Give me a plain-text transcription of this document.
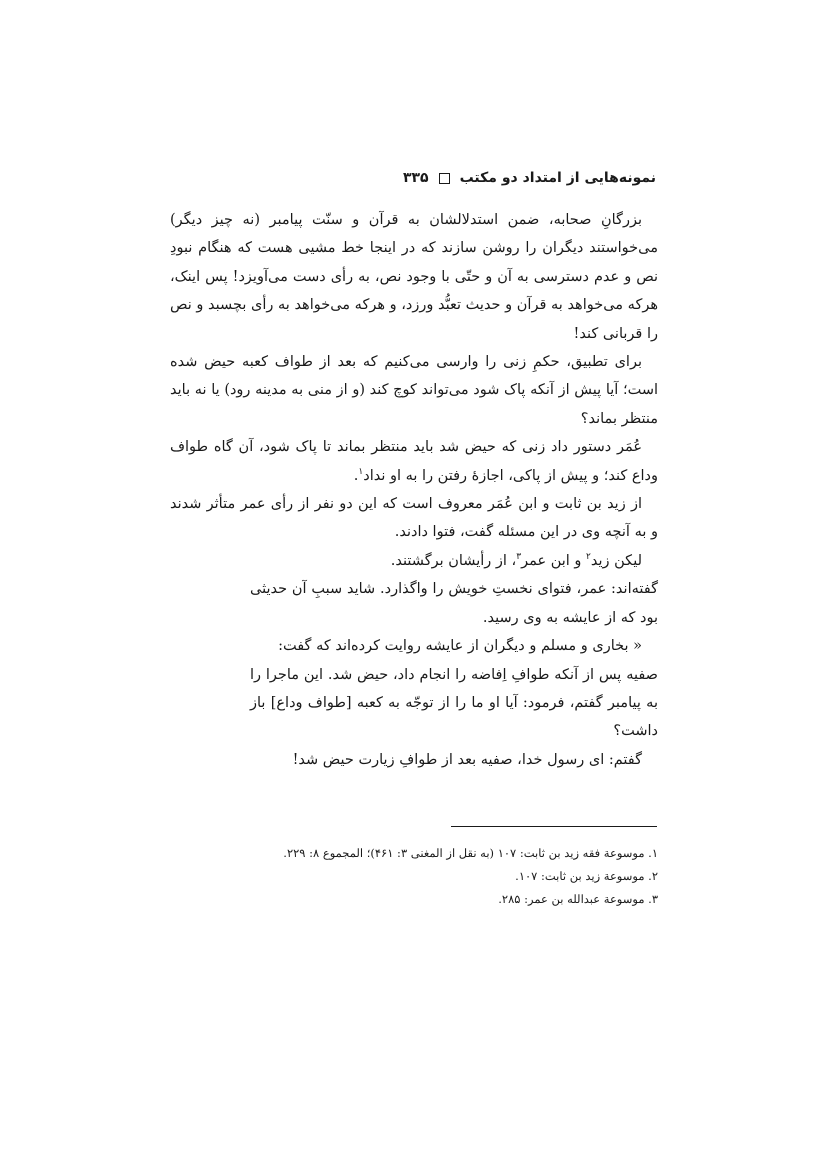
نمونه‌هایی از امتداد دو مکتب
۳۳۵

بزرگانِ صحابه، ضمن استدلالشان به قرآن و سنّت پیامبر (نه چیز دیگر) می‌خواستند دیگران را روشن سازند که در اینجا خط مشیی هست که هنگام نبودِ نص و عدم دسترسی به آن و حتّی با وجود نص، به رأی دست می‌آویزد! پس اینک، هرکه می‌خواهد به قرآن و حدیث تعبُّد ورزد، و هرکه می‌خواهد به رأی بچسبد و نص را قربانی کند!

برای تطبیق، حکمِ زنی را وارسی می‌کنیم که بعد از طواف کعبه حیض شده است؛ آیا پیش از آنکه پاک شود می‌تواند کوچ کند (و از منی به مدینه رود) یا نه باید منتظر بماند؟

عُمَر دستور داد زنی که حیض شد باید منتظر بماند تا پاک شود، آن گاه طواف وداع کند؛ و پیش از پاکی، اجازهٔ رفتن را به او نداد$^۱$.

از زید بن ثابت و ابن عُمَر معروف است که این دو نفر از رأی عمر متأثر شدند و به آنچه وی در این مسئله گفت، فتوا دادند.

لیکن زید$^۲$ و ابن عمر$^۳$، از رأیشان برگشتند.

گفته‌اند: عمر، فتوای نخستِ خویش را واگذارد. شاید سببِ آن حدیثی بود که از عایشه به وی رسید.

« بخاری و مسلم و دیگران از عایشه روایت کرده‌اند که گفت:

صفیه پس از آنکه طوافِ اِفاضه را انجام داد، حیض شد. این ماجرا را به پیامبر گفتم، فرمود: آیا او ما را از توجّه به کعبه [طواف وداع] باز داشت؟

گفتم: ای رسول خدا، صفیه بعد از طوافِ زیارت حیض شد!

۱. موسوعة فقه زید بن ثابت: ۱۰۷ (به نقل از المغنی ۳: ۴۶۱)؛ المجموع ۸: ۲۲۹.
۲. موسوعة زید بن ثابت: ۱۰۷.
۳. موسوعة عبدالله بن عمر: ۲۸۵.
